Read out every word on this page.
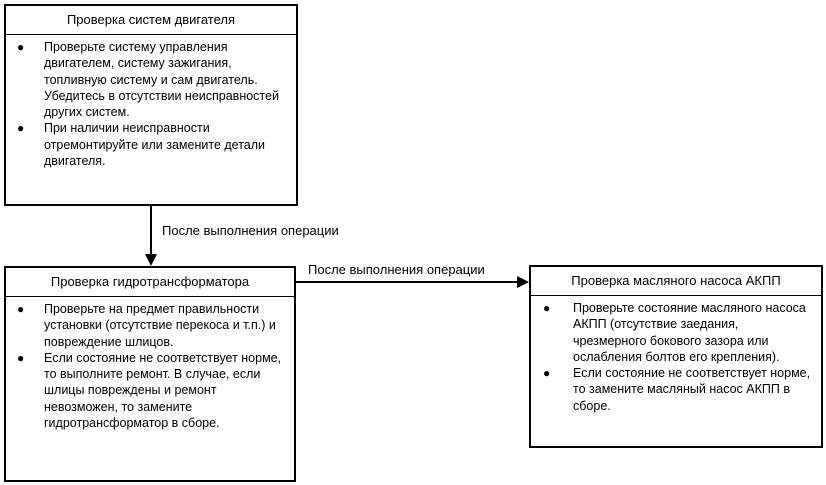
Проверка систем двигателя
● Проверьте систему управления двигателем, систему зажигания, топливную систему и сам двигатель. Убедитесь в отсутствии неисправностей других систем.
● При наличии неисправности отремонтируйте или замените детали двигателя.
Проверка гидротрансформатора
● Проверьте на предмет правильности установки (отсутствие перекоса и т.п.) и повреждение шлицов.
● Если состояние не соответствует норме, то выполните ремонт. В случае, если шлицы повреждены и ремонт невозможен, то замените гидротрансформатор в сборе.
Проверка масляного насоса АКПП
● Проверьте состояние масляного насоса АКПП (отсутствие заедания, чрезмерного бокового зазора или ослабления болтов его крепления).
● Если состояние не соответствует норме, то замените масляный насос АКПП в сборе.
После выполнения операции
После выполнения операции
